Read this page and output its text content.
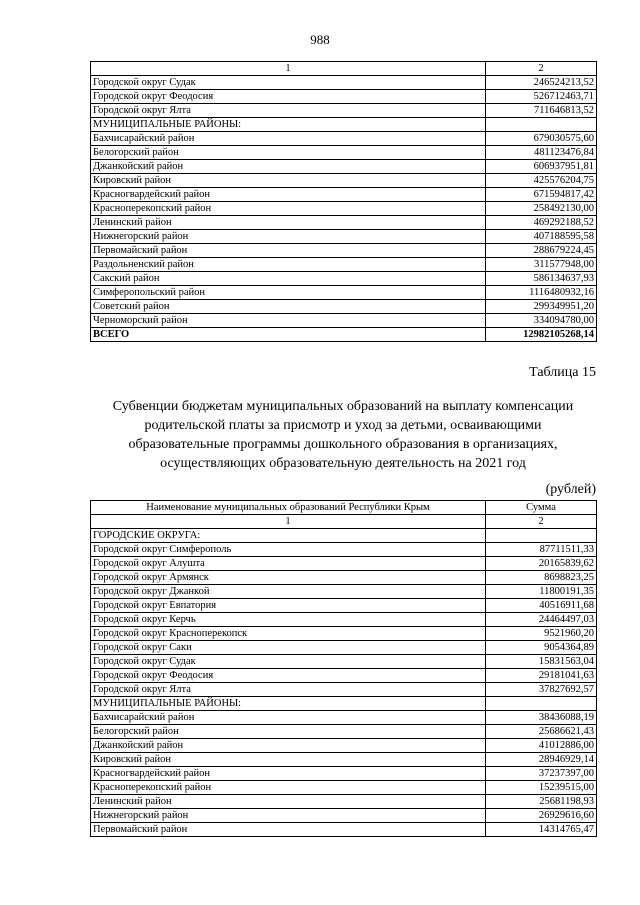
988
1	2
Городской округ Судак	246524213,52
Городской округ Феодосия	526712463,71
Городской округ Ялта	711646813,52
МУНИЦИПАЛЬНЫЕ РАЙОНЫ:	
Бахчисарайский район	679030575,60
Белогорский район	481123476,84
Джанкойский район	606937951,81
Кировский район	425576204,75
Красногвардейский район	671594817,42
Красноперекопский район	258492130,00
Ленинский район	469292188,52
Нижнегорский район	407188595,58
Первомайский район	288679224,45
Раздольненский район	311577948,00
Сакский район	586134637,93
Симферопольский район	1116480932,16
Советский район	299349951,20
Черноморский район	334094780,00
ВСЕГО	12982105268,14
Таблица 15
Субвенции бюджетам муниципальных образований на выплату компенсации
родительской платы за присмотр и уход за детьми, осваивающими
образовательные программы дошкольного образования в организациях,
осуществляющих образовательную деятельность на 2021 год
(рублей)
Наименование муниципальных образований Республики Крым	Сумма
1	2
ГОРОДСКИЕ ОКРУГА:	
Городской округ Симферополь	87711511,33
Городской округ Алушта	20165839,62
Городской округ Армянск	8698823,25
Городской округ Джанкой	11800191,35
Городской округ Евпатория	40516911,68
Городской округ Керчь	24464497,03
Городской округ Красноперекопск	9521960,20
Городской округ Саки	9054364,89
Городской округ Судак	15831563,04
Городской округ Феодосия	29181041,63
Городской округ Ялта	37827692,57
МУНИЦИПАЛЬНЫЕ РАЙОНЫ:	
Бахчисарайский район	38436088,19
Белогорский район	25686621,43
Джанкойский район	41012886,00
Кировский район	28946929,14
Красногвардейский район	37237397,00
Красноперекопский район	15239515,00
Ленинский район	25681198,93
Нижнегорский район	26929616,60
Первомайский район	14314765,47
